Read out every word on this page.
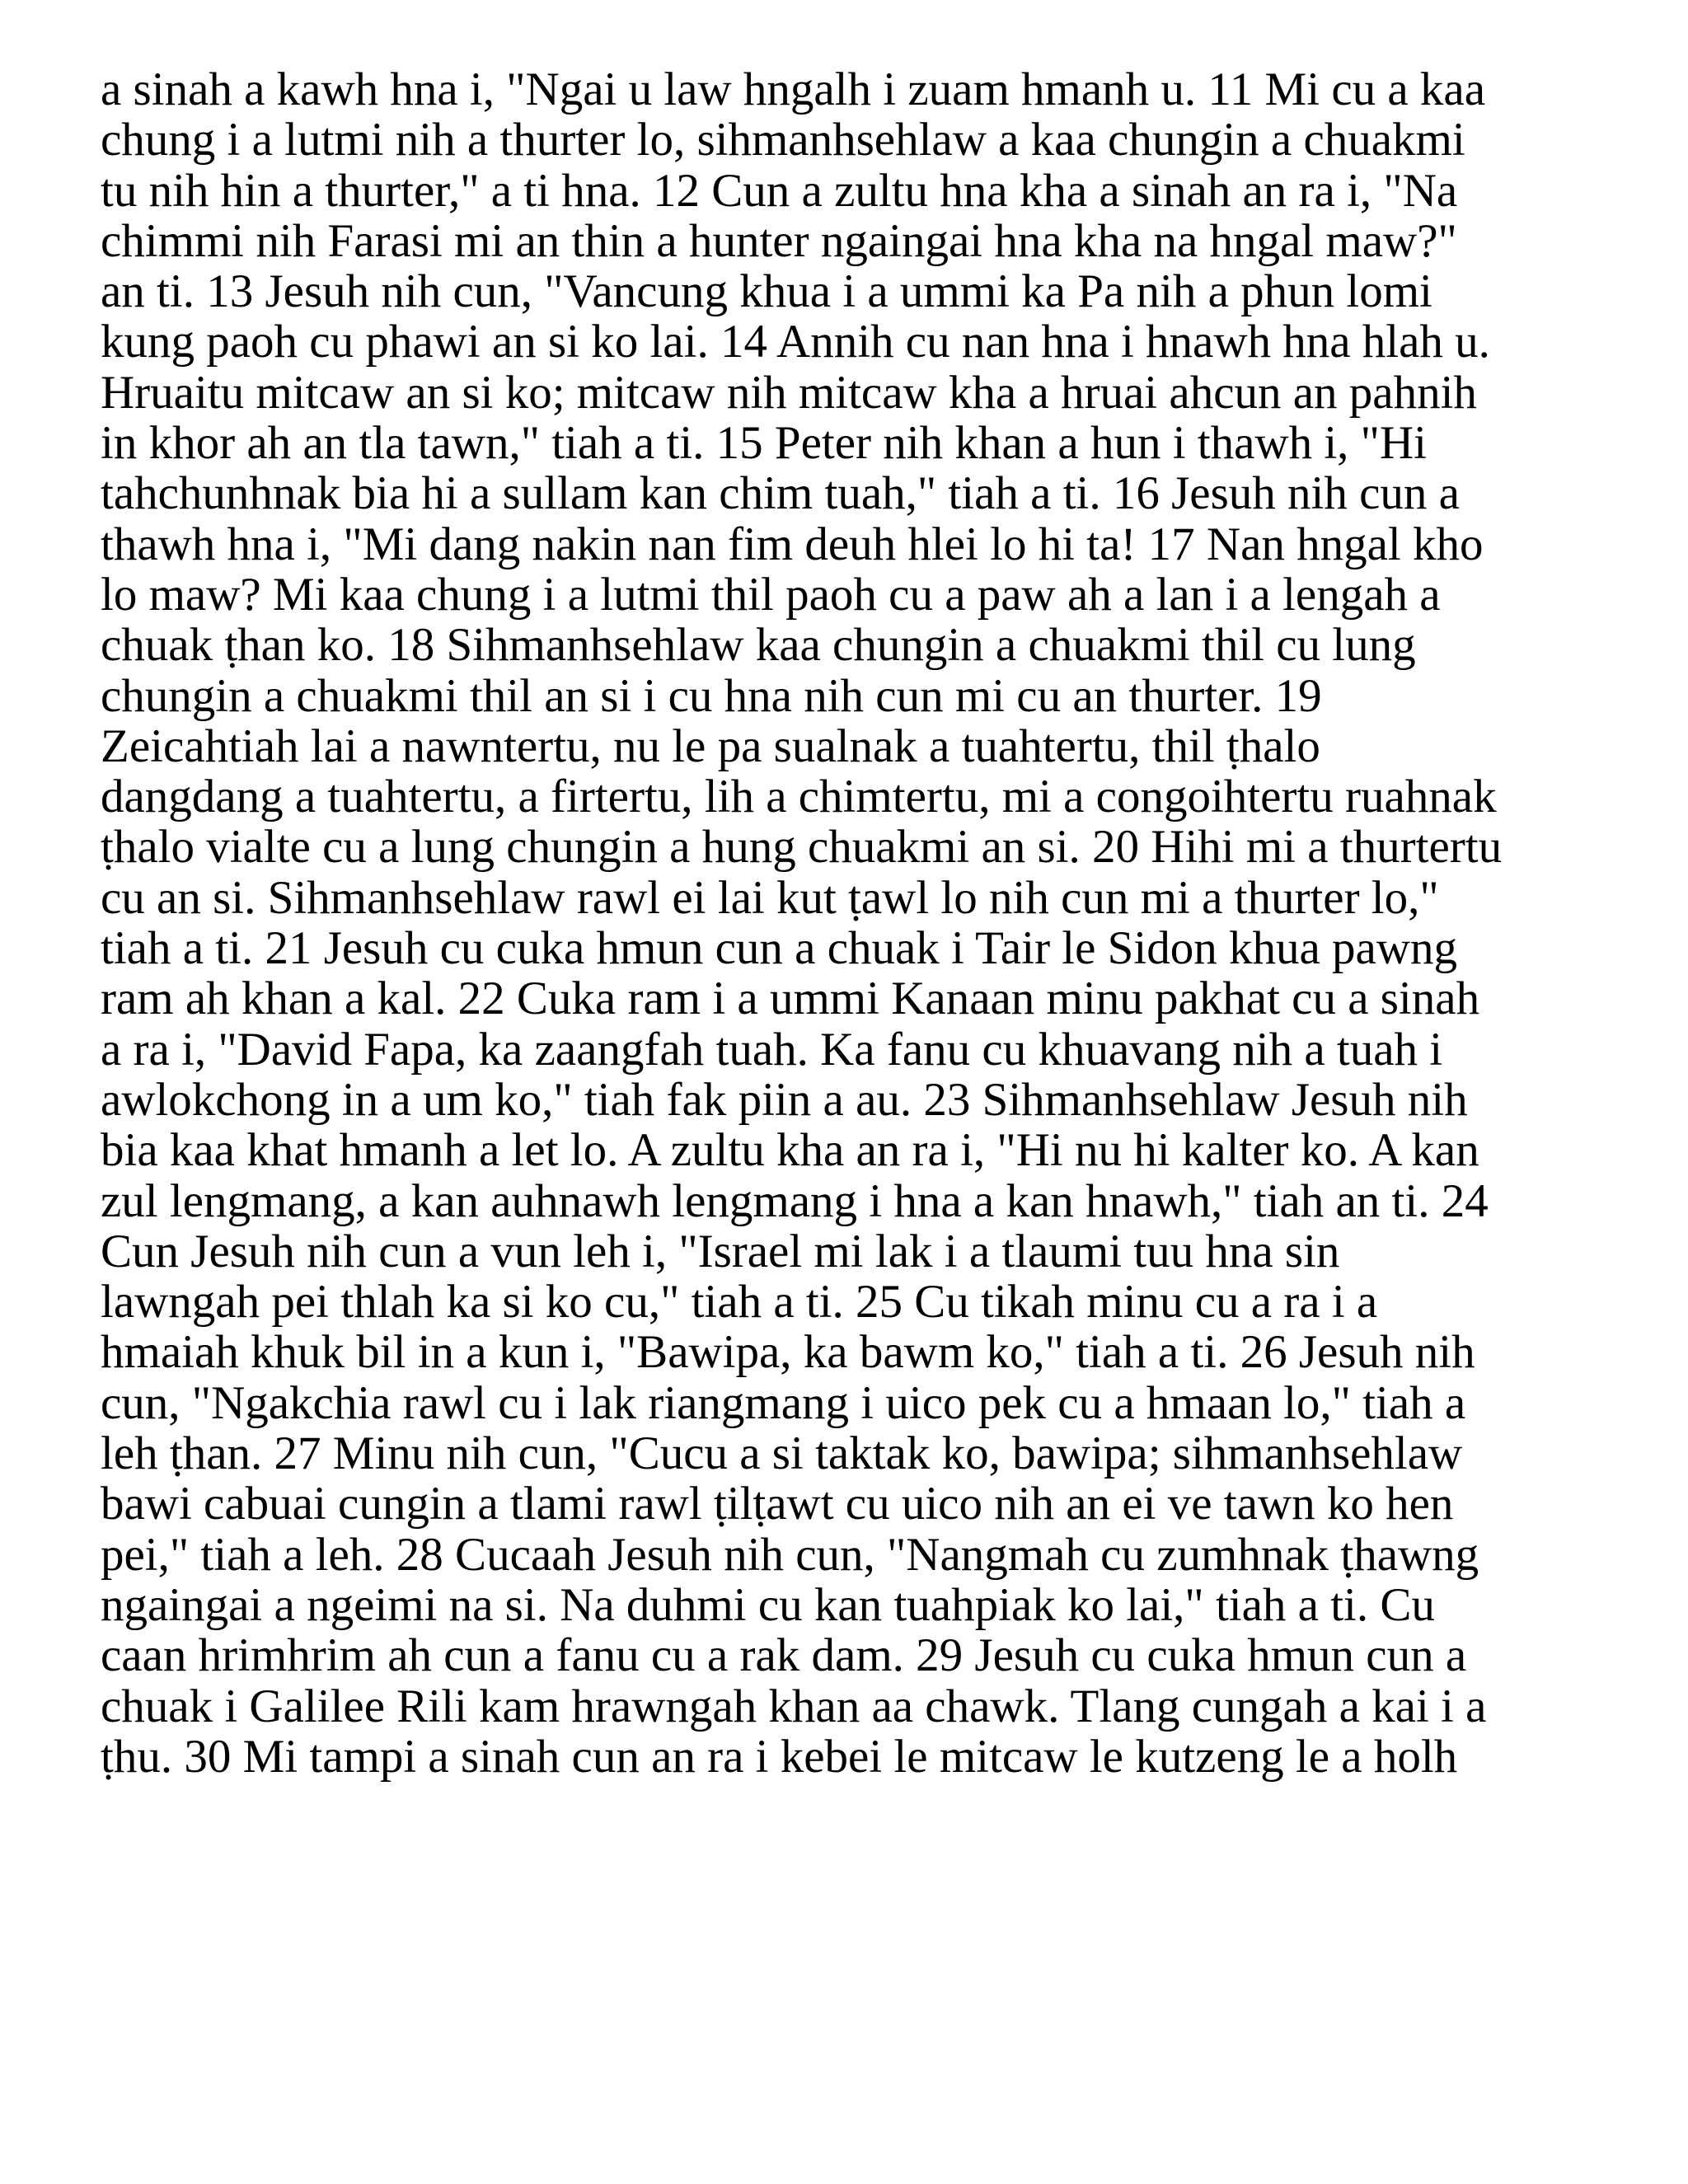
a sinah a kawh hna i, "Ngai u law hngalh i zuam hmanh u. 11 Mi cu a kaa
chung i a lutmi nih a thurter lo, sihmanhsehlaw a kaa chungin a chuakmi
tu nih hin a thurter," a ti hna. 12 Cun a zultu hna kha a sinah an ra i, "Na
chimmi nih Farasi mi an thin a hunter ngaingai hna kha na hngal maw?"
an ti. 13 Jesuh nih cun, "Vancung khua i a ummi ka Pa nih a phun lomi
kung paoh cu phawi an si ko lai. 14 Annih cu nan hna i hnawh hna hlah u.
Hruaitu mitcaw an si ko; mitcaw nih mitcaw kha a hruai ahcun an pahnih
in khor ah an tla tawn," tiah a ti. 15 Peter nih khan a hun i thawh i, "Hi
tahchunhnak bia hi a sullam kan chim tuah," tiah a ti. 16 Jesuh nih cun a
thawh hna i, "Mi dang nakin nan fim deuh hlei lo hi ta! 17 Nan hngal kho
lo maw? Mi kaa chung i a lutmi thil paoh cu a paw ah a lan i a lengah a
chuak ṭhan ko. 18 Sihmanhsehlaw kaa chungin a chuakmi thil cu lung
chungin a chuakmi thil an si i cu hna nih cun mi cu an thurter. 19
Zeicahtiah lai a nawntertu, nu le pa sualnak a tuahtertu, thil ṭhalo
dangdang a tuahtertu, a firtertu, lih a chimtertu, mi a congoihtertu ruahnak
ṭhalo vialte cu a lung chungin a hung chuakmi an si. 20 Hihi mi a thurtertu
cu an si. Sihmanhsehlaw rawl ei lai kut ṭawl lo nih cun mi a thurter lo,"
tiah a ti. 21 Jesuh cu cuka hmun cun a chuak i Tair le Sidon khua pawng
ram ah khan a kal. 22 Cuka ram i a ummi Kanaan minu pakhat cu a sinah
a ra i, "David Fapa, ka zaangfah tuah. Ka fanu cu khuavang nih a tuah i
awlokchong in a um ko," tiah fak piin a au. 23 Sihmanhsehlaw Jesuh nih
bia kaa khat hmanh a let lo. A zultu kha an ra i, "Hi nu hi kalter ko. A kan
zul lengmang, a kan auhnawh lengmang i hna a kan hnawh," tiah an ti. 24
Cun Jesuh nih cun a vun leh i, "Israel mi lak i a tlaumi tuu hna sin
lawngah pei thlah ka si ko cu," tiah a ti. 25 Cu tikah minu cu a ra i a
hmaiah khuk bil in a kun i, "Bawipa, ka bawm ko," tiah a ti. 26 Jesuh nih
cun, "Ngakchia rawl cu i lak riangmang i uico pek cu a hmaan lo," tiah a
leh ṭhan. 27 Minu nih cun, "Cucu a si taktak ko, bawipa; sihmanhsehlaw
bawi cabuai cungin a tlami rawl ṭilṭawt cu uico nih an ei ve tawn ko hen
pei," tiah a leh. 28 Cucaah Jesuh nih cun, "Nangmah cu zumhnak ṭhawng
ngaingai a ngeimi na si. Na duhmi cu kan tuahpiak ko lai," tiah a ti. Cu
caan hrimhrim ah cun a fanu cu a rak dam. 29 Jesuh cu cuka hmun cun a
chuak i Galilee Rili kam hrawngah khan aa chawk. Tlang cungah a kai i a
ṭhu. 30 Mi tampi a sinah cun an ra i kebei le mitcaw le kutzeng le a holh
